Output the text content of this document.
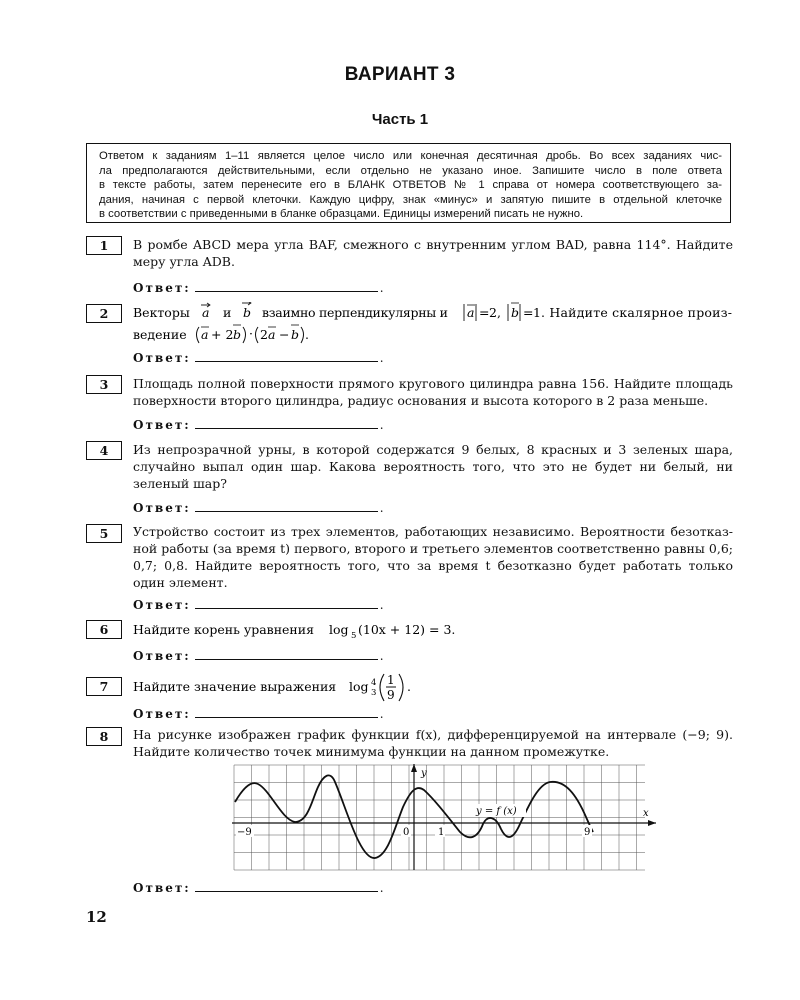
ВАРИАНТ 3
Часть 1
Ответом к заданиям 1–11 является целое число или конечная десятичная дробь. Во всех заданиях чис-
ла предполагаются действительными, если отдельно не указано иное. Запишите число в поле ответа
в тексте работы, затем перенесите его в БЛАНК ОТВЕТОВ № 1 справа от номера соответствующего за-
дания, начиная с первой клеточки. Каждую цифру, знак «минус» и запятую пишите в отдельной клеточке
в соответствии с приведенными в бланке образцами. Единицы измерений писать не нужно.
1	В ромбе ABCD мера угла BAF, смежного с внутренним углом BAD, равна 114°. Найдите
меру угла ADB.
Ответ:	.
2	Векторы a и b взаимно перпендикулярны и a = 2, b = 1 . Найдите скалярное произ-
ведение a + 2 b · 2 a − b .
Ответ:	.
3	Площадь полной поверхности прямого кругового цилиндра равна 156. Найдите площадь
поверхности второго цилиндра, радиус основания и высота которого в 2 раза меньше.
Ответ:	.
4	Из непрозрачной урны, в которой содержатся 9 белых, 8 красных и 3 зеленых шара,
случайно выпал один шар. Какова вероятность того, что это не будет ни белый, ни
зеленый шар?
Ответ:	.
5	Устройство состоит из трех элементов, работающих независимо. Вероятности безотказ-
ной работы (за время t) первого, второго и третьего элементов соответственно равны 0,6;
0,7; 0,8. Найдите вероятность того, что за время t безотказно будет работать только
один элемент.
Ответ:	.
6	Найдите корень уравнения log 5 (10x + 12) = 3.
Ответ:	.
7	Найдите значение выражения log 4
3
1
9
.
Ответ:	.
8	На рисунке изображен график функции f(x), дифференцируемой на интервале (−9; 9).
Найдите количество точек минимума функции на данном промежутке.
y
x
y = f (x)
−9	0	1	9
Ответ:	.
12
